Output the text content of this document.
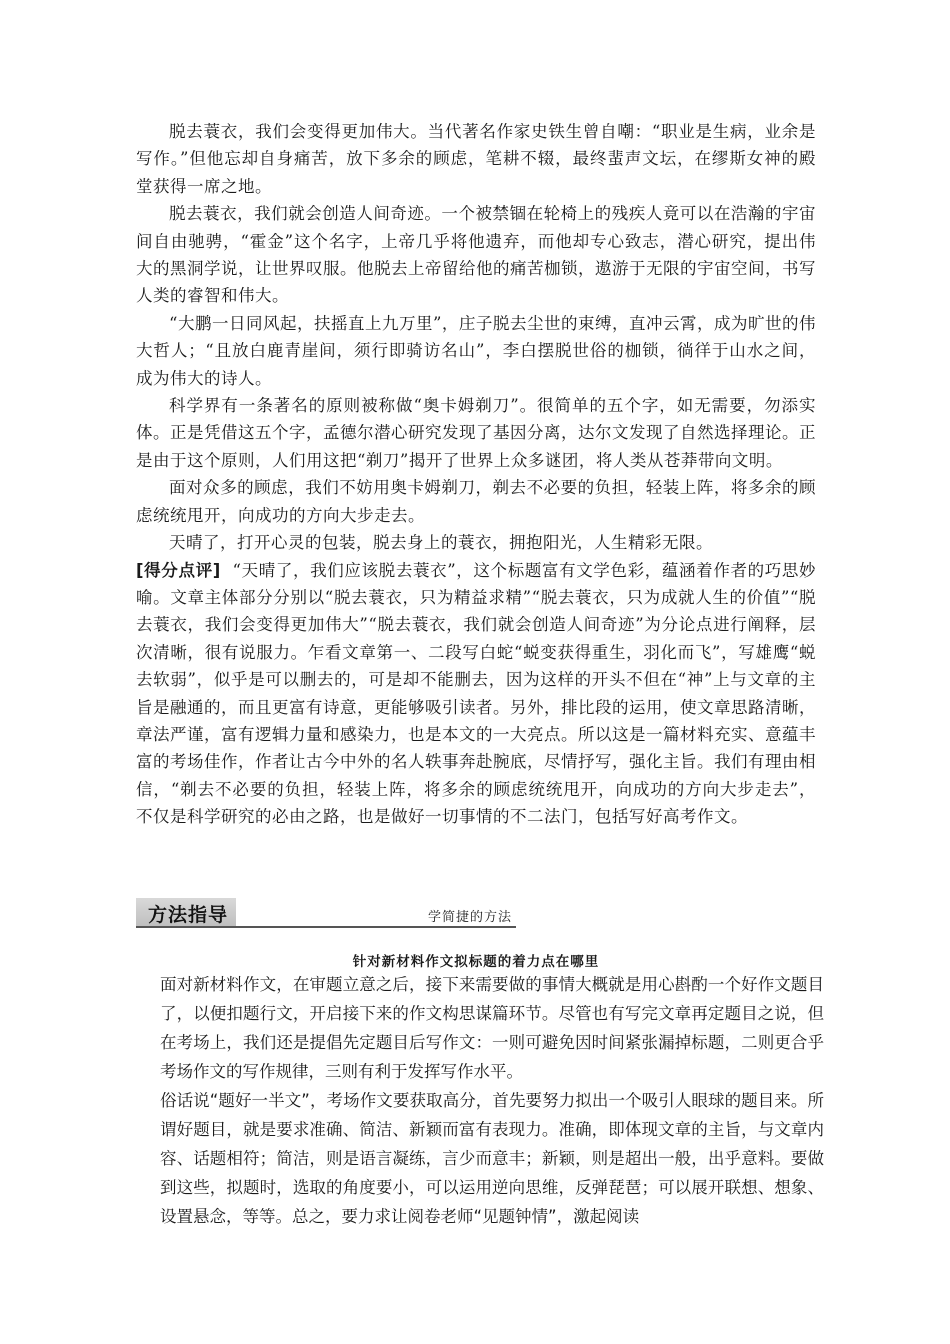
脱去蓑衣，我们会变得更加伟大。当代著名作家史铁生曾自嘲：“职业是生病，业余是写作。”但他忘却自身痛苦，放下多余的顾虑，笔耕不辍，最终蜚声文坛，在缪斯女神的殿堂获得一席之地。

脱去蓑衣，我们就会创造人间奇迹。一个被禁锢在轮椅上的残疾人竟可以在浩瀚的宇宙间自由驰骋，“霍金”这个名字，上帝几乎将他遗弃，而他却专心致志，潜心研究，提出伟大的黑洞学说，让世界叹服。他脱去上帝留给他的痛苦枷锁，遨游于无限的宇宙空间，书写人类的睿智和伟大。

“大鹏一日同风起，扶摇直上九万里”，庄子脱去尘世的束缚，直冲云霄，成为旷世的伟大哲人；“且放白鹿青崖间，须行即骑访名山”，李白摆脱世俗的枷锁，徜徉于山水之间，成为伟大的诗人。

科学界有一条著名的原则被称做“奥卡姆剃刀”。很简单的五个字，如无需要，勿添实体。正是凭借这五个字，孟德尔潜心研究发现了基因分离，达尔文发现了自然选择理论。正是由于这个原则，人们用这把“剃刀”揭开了世界上众多谜团，将人类从苍莽带向文明。

面对众多的顾虑，我们不妨用奥卡姆剃刀，剃去不必要的负担，轻装上阵，将多余的顾虑统统甩开，向成功的方向大步走去。

天晴了，打开心灵的包装，脱去身上的蓑衣，拥抱阳光，人生精彩无限。

[得分点评] “天晴了，我们应该脱去蓑衣”，这个标题富有文学色彩，蕴涵着作者的巧思妙喻。文章主体部分分别以“脱去蓑衣，只为精益求精”“脱去蓑衣，只为成就人生的价值”“脱去蓑衣，我们会变得更加伟大”“脱去蓑衣，我们就会创造人间奇迹”为分论点进行阐释，层次清晰，很有说服力。乍看文章第一、二段写白蛇“蜕变获得重生，羽化而飞”，写雄鹰“蜕去软弱”，似乎是可以删去的，可是却不能删去，因为这样的开头不但在“神”上与文章的主旨是融通的，而且更富有诗意，更能够吸引读者。另外，排比段的运用，使文章思路清晰，章法严谨，富有逻辑力量和感染力，也是本文的一大亮点。所以这是一篇材料充实、意蕴丰富的考场佳作，作者让古今中外的名人轶事奔赴腕底，尽情抒写，强化主旨。我们有理由相信，“剃去不必要的负担，轻装上阵，将多余的顾虑统统甩开，向成功的方向大步走去”，不仅是科学研究的必由之路，也是做好一切事情的不二法门，包括写好高考作文。
方法指导	学简捷的方法
针对新材料作文拟标题的着力点在哪里

面对新材料作文，在审题立意之后，接下来需要做的事情大概就是用心斟酌一个好作文题目了，以便扣题行文，开启接下来的作文构思谋篇环节。尽管也有写完文章再定题目之说，但在考场上，我们还是提倡先定题目后写作文：一则可避免因时间紧张漏掉标题，二则更合乎考场作文的写作规律，三则有利于发挥写作水平。

俗话说“题好一半文”，考场作文要获取高分，首先要努力拟出一个吸引人眼球的题目来。所谓好题目，就是要求准确、简洁、新颖而富有表现力。准确，即体现文章的主旨，与文章内容、话题相符；简洁，则是语言凝练，言少而意丰；新颖，则是超出一般，出乎意料。要做到这些，拟题时，选取的角度要小，可以运用逆向思维，反弹琵琶；可以展开联想、想象、设置悬念，等等。总之，要力求让阅卷老师“见题钟情”，激起阅读
